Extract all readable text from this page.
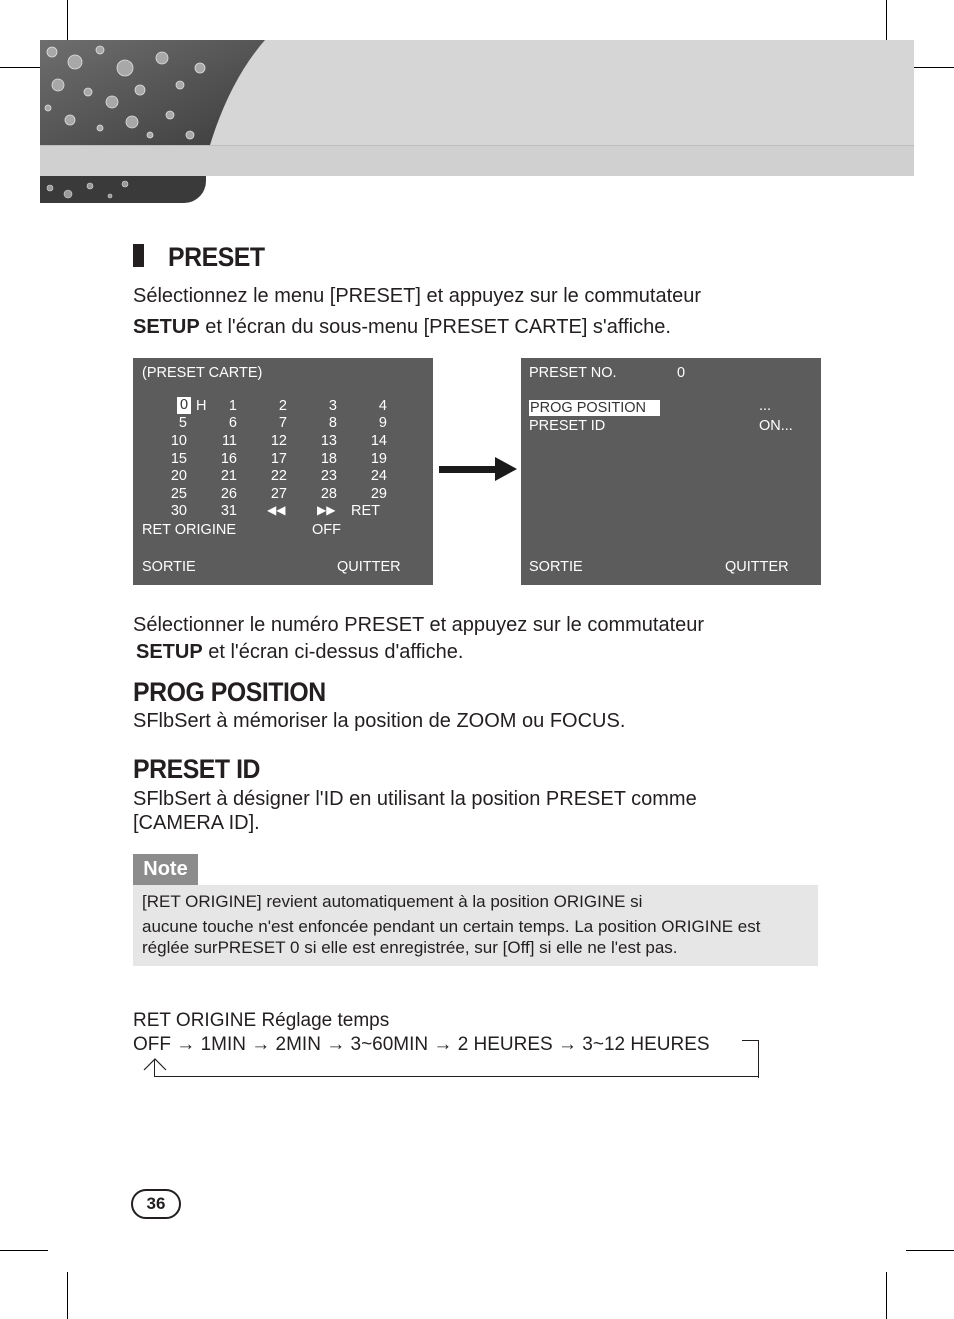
PRESET
Sélectionnez le menu [PRESET] et appuyez sur le commutateur
SETUP et l'écran du sous-menu [PRESET CARTE] s'affiche.
(PRESET CARTE)
0 H	1	2	3	4
5	6	7	8	9
10	11	12	13	14
15	16	17	18	19
20	21	22	23	24
25	26	27	28	29
30	31	◀◀	▶▶ RET
RET ORIGINE	OFF
SORTIE	QUITTER
PRESET NO.	0
PROG POSITION	...
PRESET ID	ON...
SORTIE	QUITTER
Sélectionner le numéro PRESET et appuyez sur le commutateur
SETUP et l'écran ci-dessus d'affiche.
PROG POSITION
SFlbSert à mémoriser la position de ZOOM ou FOCUS.
PRESET ID
SFlbSert à désigner l'ID en utilisant la position PRESET comme
[CAMERA ID].
Note
[RET ORIGINE] revient automatiquement à la position ORIGINE si
aucune touche n'est enfoncée pendant un certain temps. La position ORIGINE est
réglée surPRESET 0 si elle est enregistrée, sur [Off] si elle ne l'est pas.
RET ORIGINE Réglage temps
OFF → 1MIN → 2MIN → 3~60MIN → 2 HEURES → 3~12 HEURES
36
